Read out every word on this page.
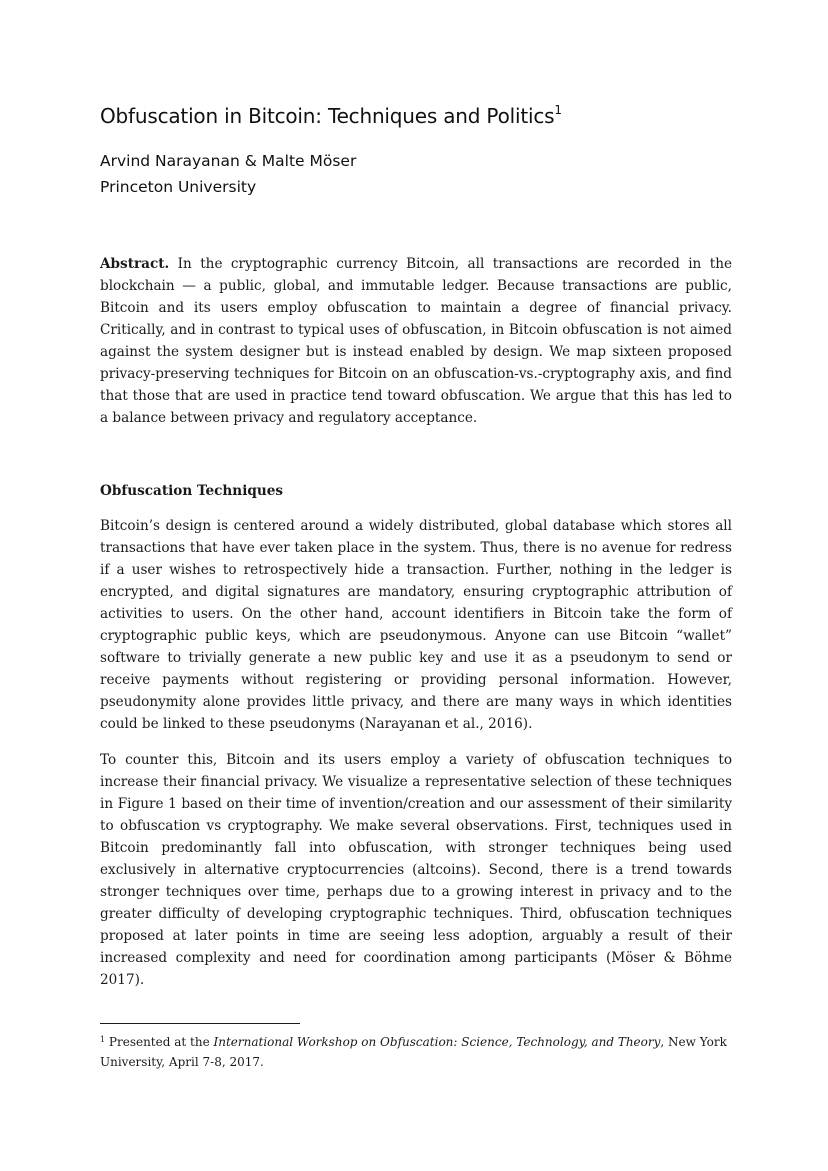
Obfuscation in Bitcoin: Techniques and Politics$^1$
Arvind Narayanan & Malte Möser
Princeton University

Abstract. In the cryptographic currency Bitcoin, all transactions are recorded in the blockchain — a public, global, and immutable ledger. Because transactions are public, Bitcoin and its users employ obfuscation to maintain a degree of financial privacy. Critically, and in contrast to typical uses of obfuscation, in Bitcoin obfuscation is not aimed against the system designer but is instead enabled by design. We map sixteen proposed privacy-preserving techniques for Bitcoin on an obfuscation-vs.-cryptography axis, and find that those that are used in practice tend toward obfuscation. We argue that this has led to a balance between privacy and regulatory acceptance.

Obfuscation Techniques

Bitcoin’s design is centered around a widely distributed, global database which stores all transactions that have ever taken place in the system. Thus, there is no avenue for redress if a user wishes to retrospectively hide a transaction. Further, nothing in the ledger is encrypted, and digital signatures are mandatory, ensuring cryptographic attribution of activities to users. On the other hand, account identifiers in Bitcoin take the form of cryptographic public keys, which are pseudonymous. Anyone can use Bitcoin “wallet” software to trivially generate a new public key and use it as a pseudonym to send or receive payments without registering or providing personal information. However, pseudonymity alone provides little privacy, and there are many ways in which identities could be linked to these pseudonyms (Narayanan et al., 2016).

To counter this, Bitcoin and its users employ a variety of obfuscation techniques to increase their financial privacy. We visualize a representative selection of these techniques in Figure 1 based on their time of invention/creation and our assessment of their similarity to obfuscation vs cryptography. We make several observations. First, techniques used in Bitcoin predominantly fall into obfuscation, with stronger techniques being used exclusively in alternative cryptocurrencies (altcoins). Second, there is a trend towards stronger techniques over time, perhaps due to a growing interest in privacy and to the greater difficulty of developing cryptographic techniques. Third, obfuscation techniques proposed at later points in time are seeing less adoption, arguably a result of their increased complexity and need for coordination among participants (Möser & Böhme 2017).

$^1$ Presented at the International Workshop on Obfuscation: Science, Technology, and Theory, New York University, April 7-8, 2017.
